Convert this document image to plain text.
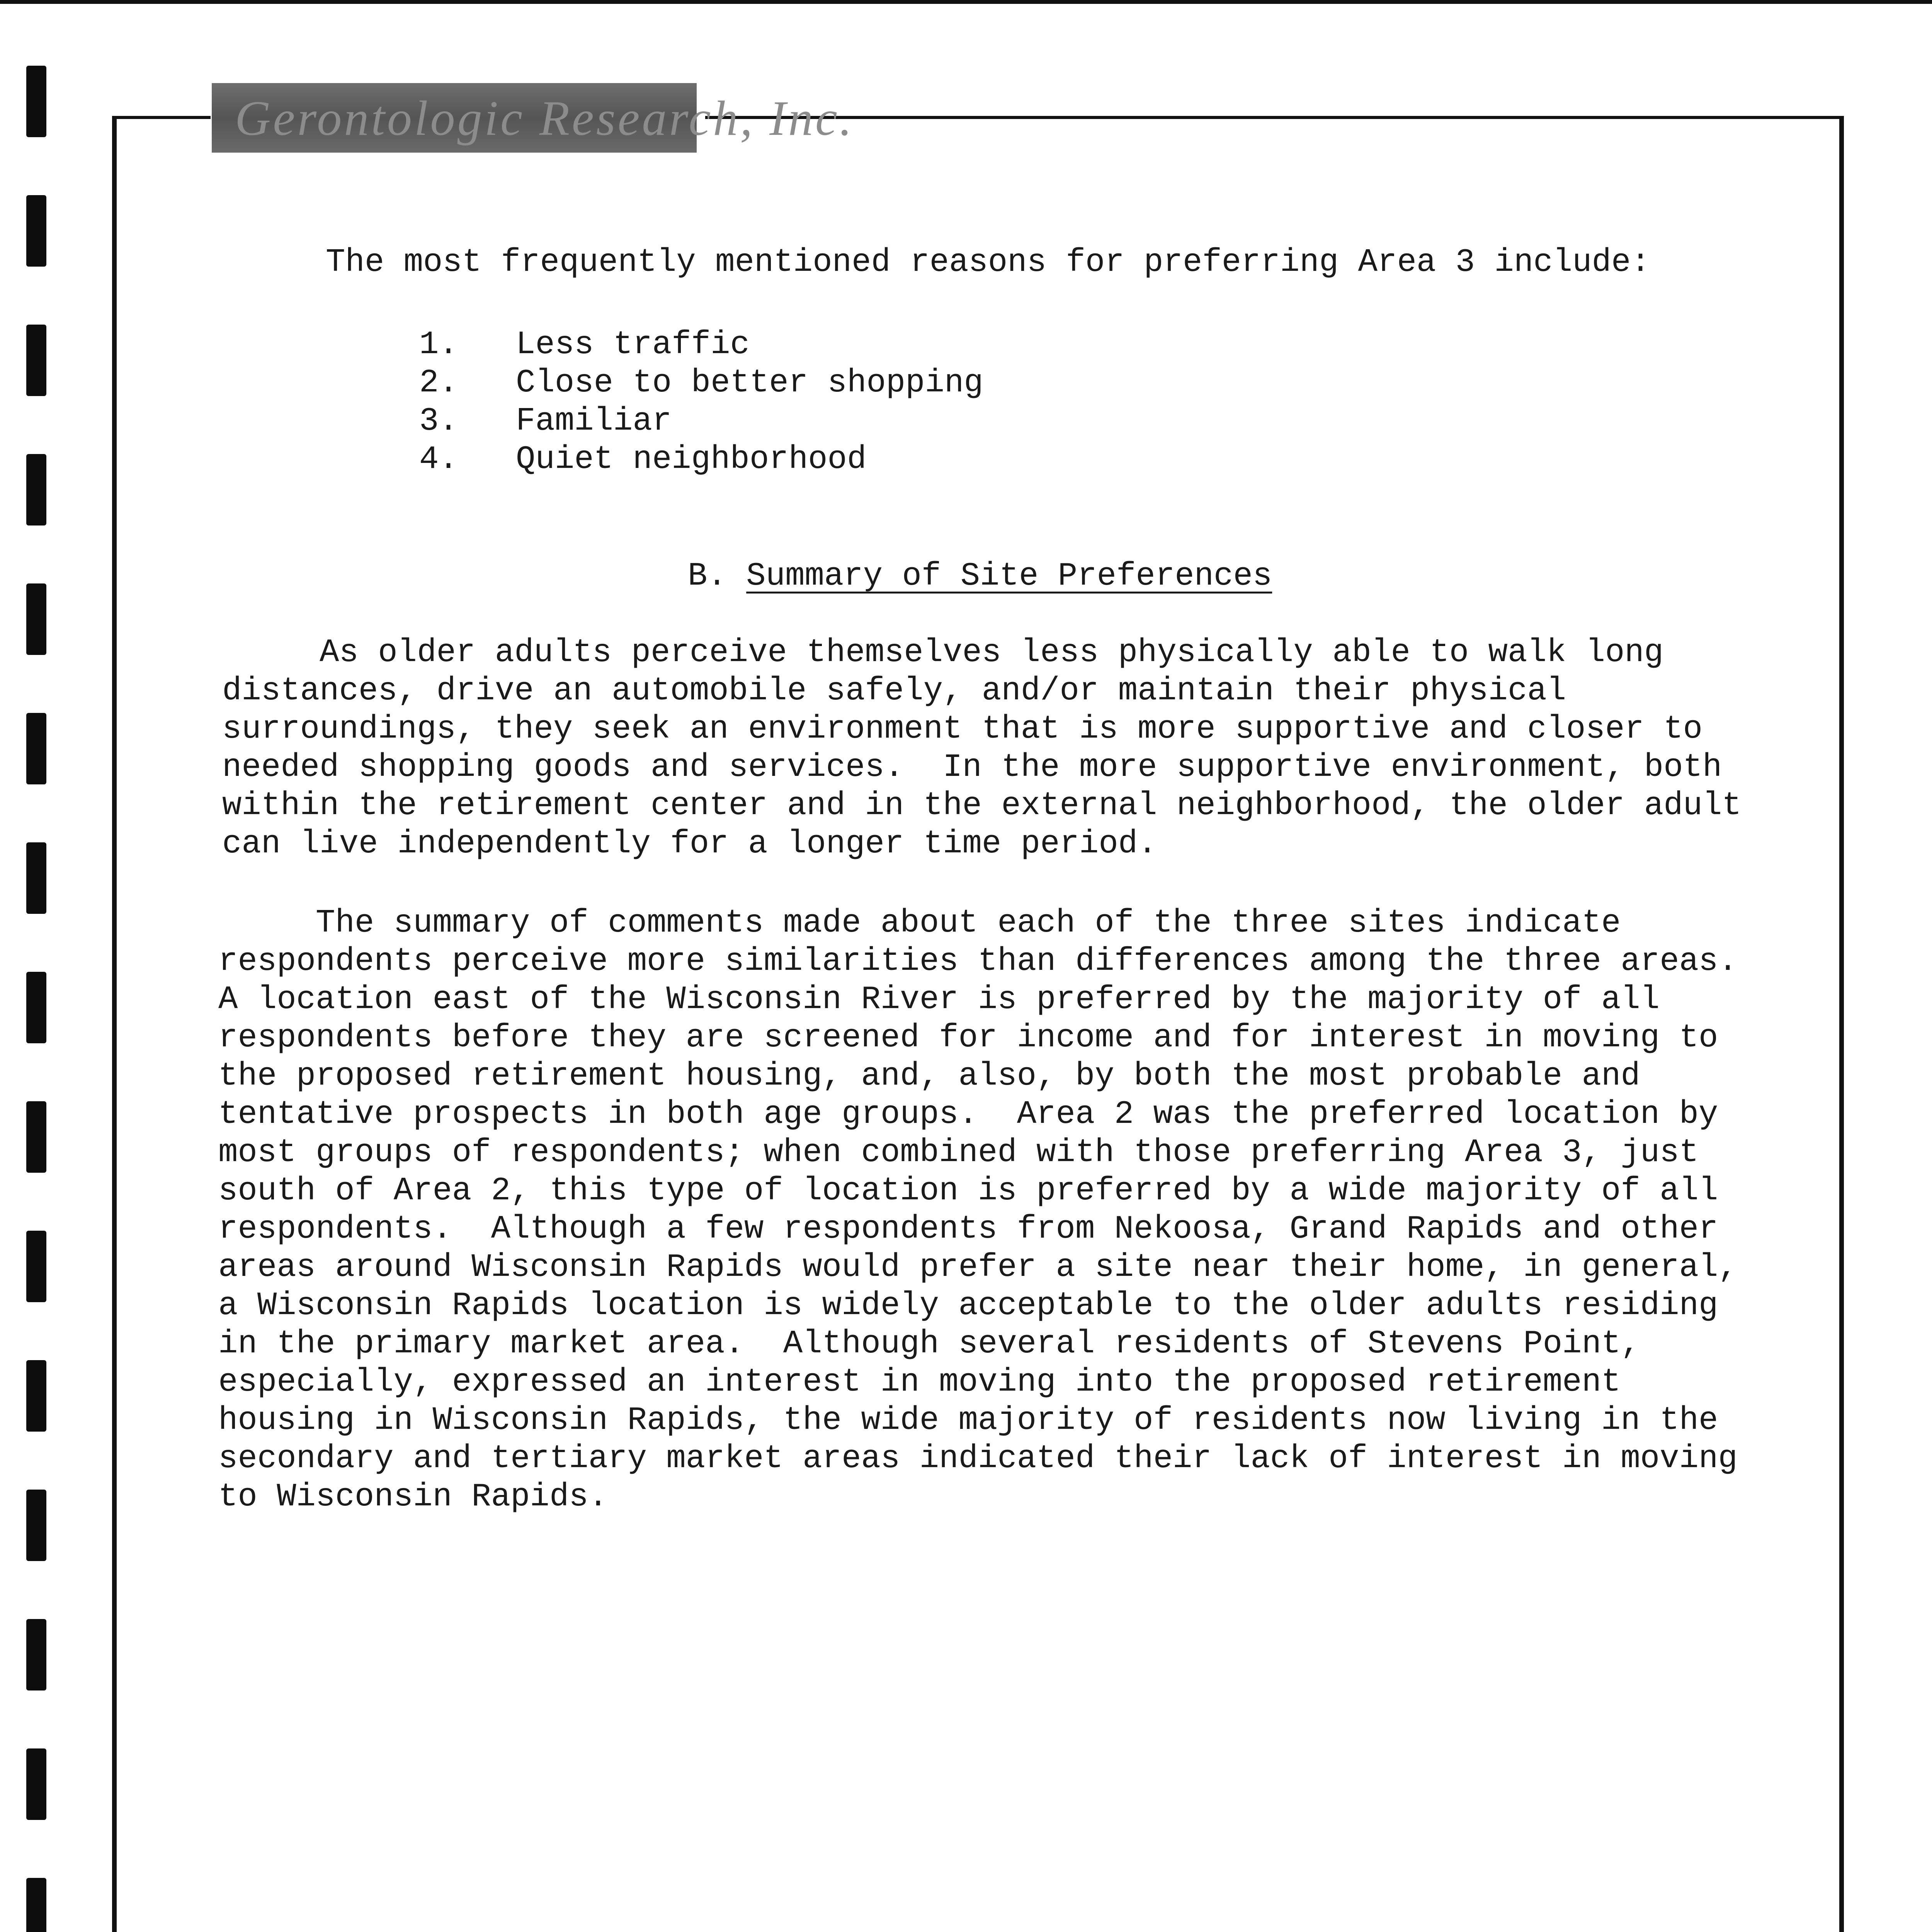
Gerontologic Research, Inc.

The most frequently mentioned reasons for preferring Area 3 include:

1. Less traffic
2. Close to better shopping
3. Familiar
4. Quiet neighborhood
B. Summary of Site Preferences

As older adults perceive themselves less physically able to walk long
distances, drive an automobile safely, and/or maintain their physical
surroundings, they seek an environment that is more supportive and closer to
needed shopping goods and services.  In the more supportive environment, both
within the retirement center and in the external neighborhood, the older adult
can live independently for a longer time period.

The summary of comments made about each of the three sites indicate
respondents perceive more similarities than differences among the three areas.
A location east of the Wisconsin River is preferred by the majority of all
respondents before they are screened for income and for interest in moving to
the proposed retirement housing, and, also, by both the most probable and
tentative prospects in both age groups.  Area 2 was the preferred location by
most groups of respondents; when combined with those preferring Area 3, just
south of Area 2, this type of location is preferred by a wide majority of all
respondents.  Although a few respondents from Nekoosa, Grand Rapids and other
areas around Wisconsin Rapids would prefer a site near their home, in general,
a Wisconsin Rapids location is widely acceptable to the older adults residing
in the primary market area.  Although several residents of Stevens Point,
especially, expressed an interest in moving into the proposed retirement
housing in Wisconsin Rapids, the wide majority of residents now living in the
secondary and tertiary market areas indicated their lack of interest in moving
to Wisconsin Rapids.
